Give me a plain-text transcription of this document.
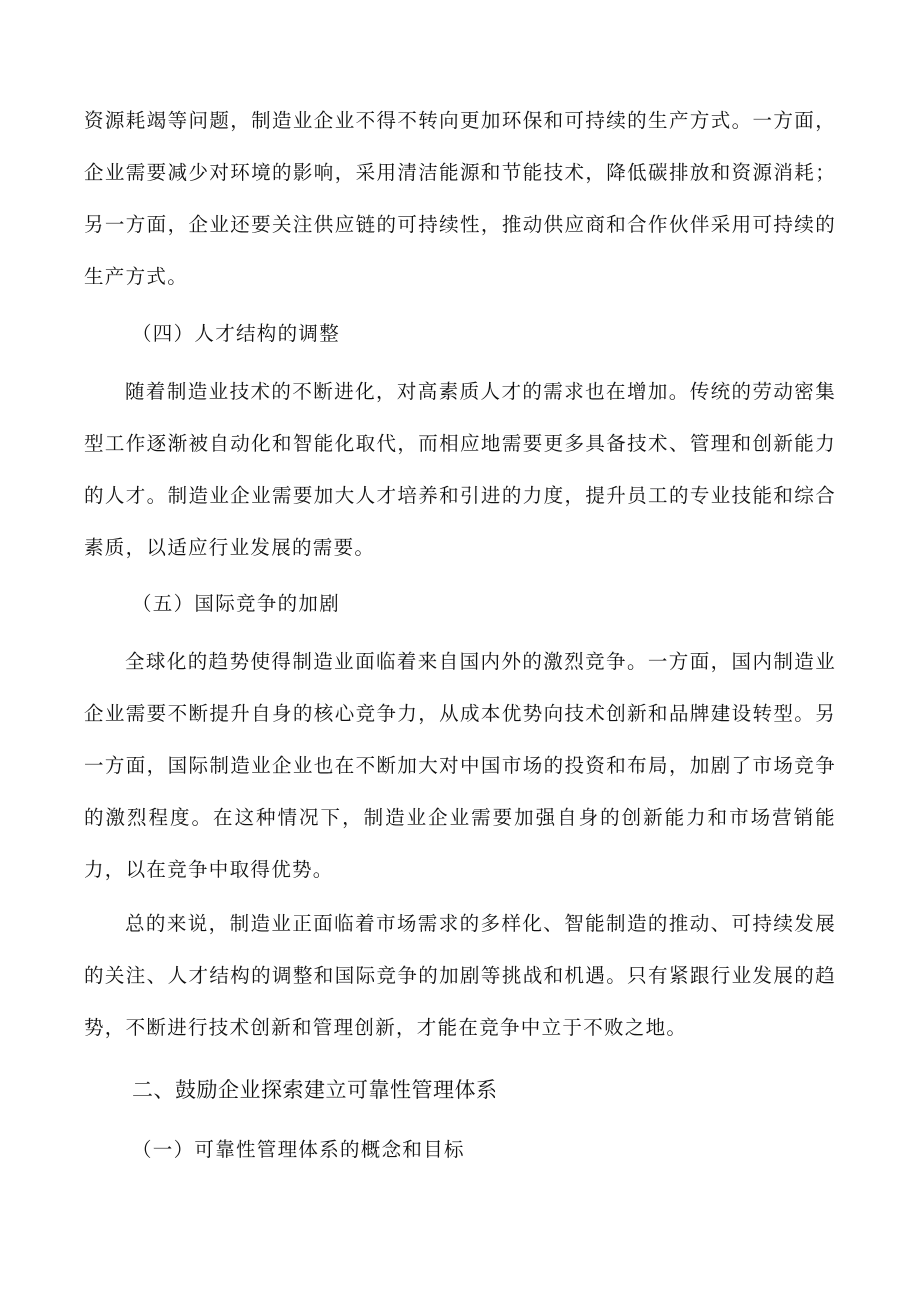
资源耗竭等问题，制造业企业不得不转向更加环保和可持续的生产方式。一方面，企业需要减少对环境的影响，采用清洁能源和节能技术，降低碳排放和资源消耗；另一方面，企业还要关注供应链的可持续性，推动供应商和合作伙伴采用可持续的生产方式。

（四）人才结构的调整

随着制造业技术的不断进化，对高素质人才的需求也在增加。传统的劳动密集型工作逐渐被自动化和智能化取代，而相应地需要更多具备技术、管理和创新能力的人才。制造业企业需要加大人才培养和引进的力度，提升员工的专业技能和综合素质，以适应行业发展的需要。

（五）国际竞争的加剧

全球化的趋势使得制造业面临着来自国内外的激烈竞争。一方面，国内制造业企业需要不断提升自身的核心竞争力，从成本优势向技术创新和品牌建设转型。另一方面，国际制造业企业也在不断加大对中国市场的投资和布局，加剧了市场竞争的激烈程度。在这种情况下，制造业企业需要加强自身的创新能力和市场营销能力，以在竞争中取得优势。

总的来说，制造业正面临着市场需求的多样化、智能制造的推动、可持续发展的关注、人才结构的调整和国际竞争的加剧等挑战和机遇。只有紧跟行业发展的趋势，不断进行技术创新和管理创新，才能在竞争中立于不败之地。

二、鼓励企业探索建立可靠性管理体系

（一）可靠性管理体系的概念和目标
